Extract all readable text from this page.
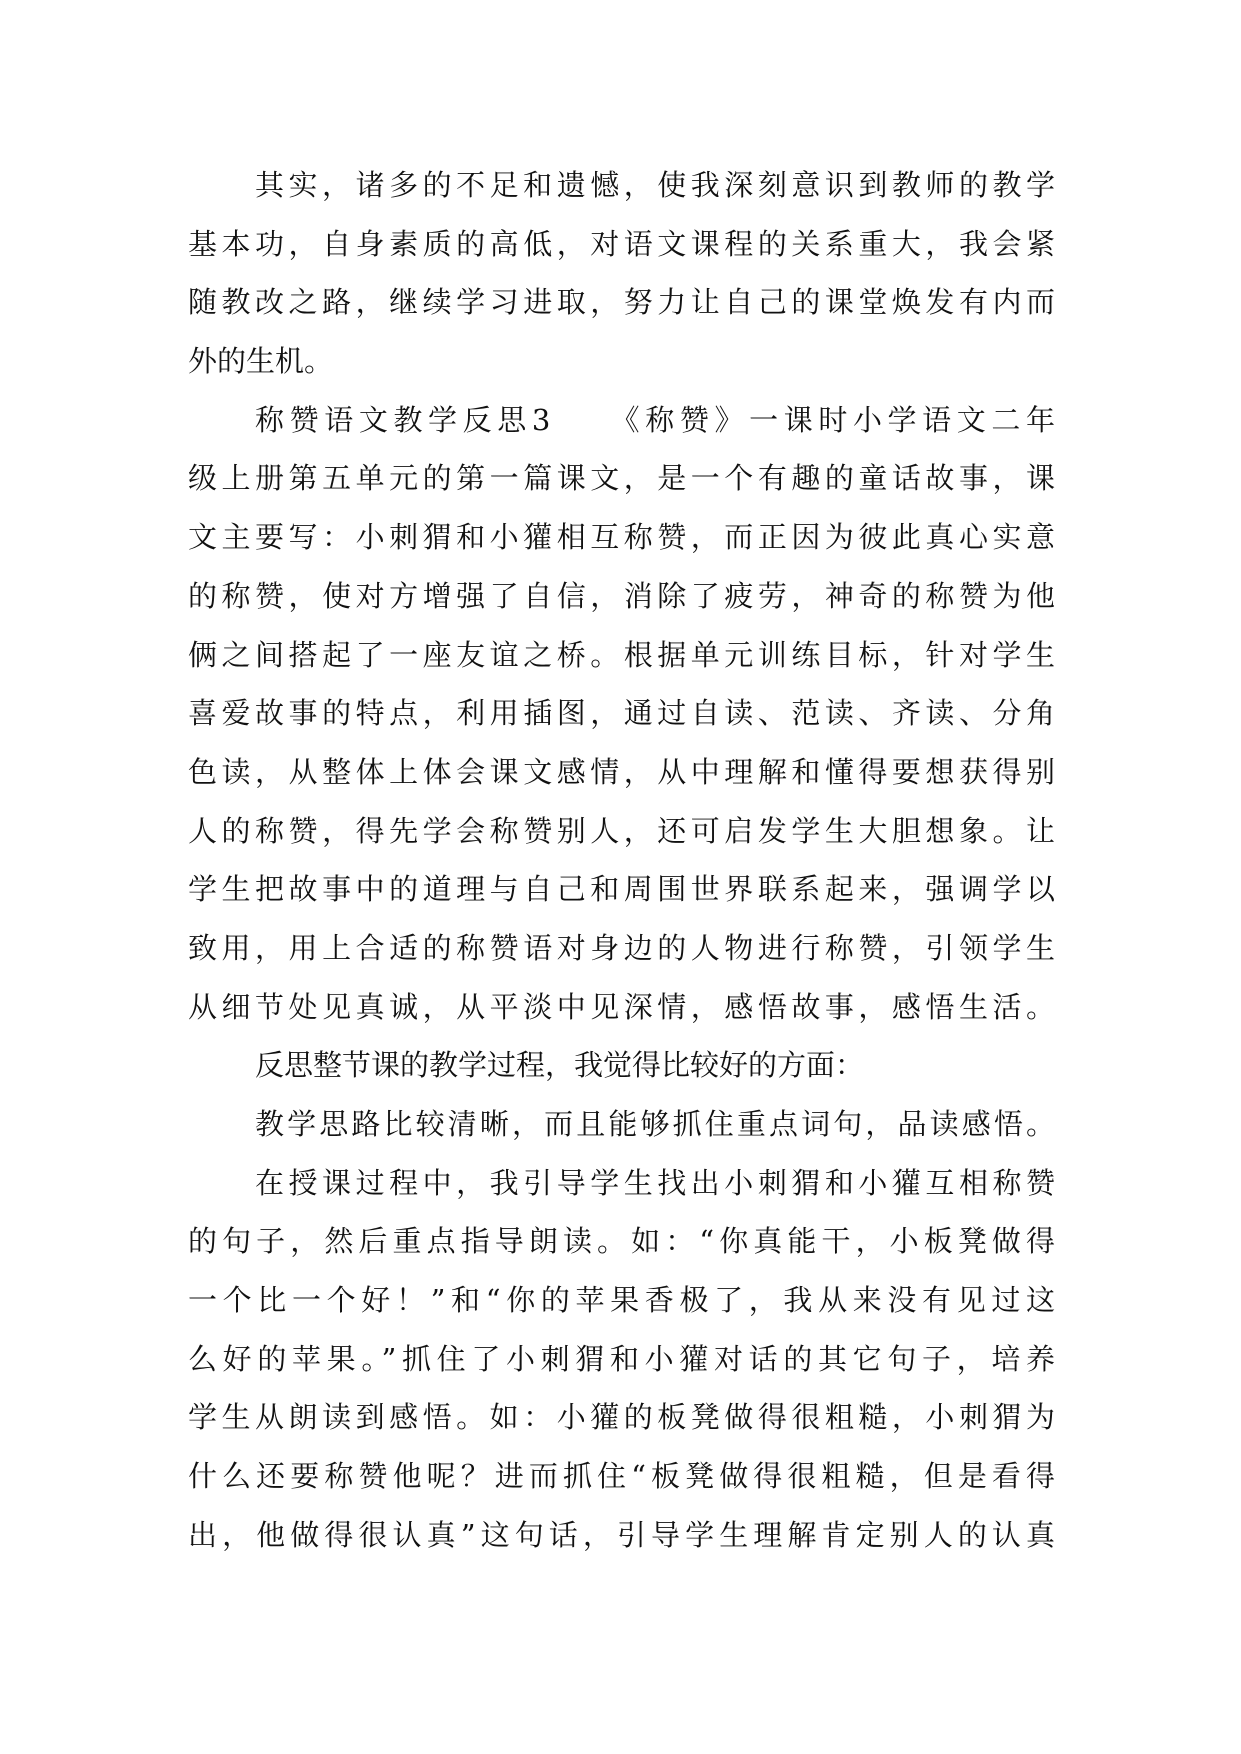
其实，诸多的不足和遗憾，使我深刻意识到教师的教学
基本功，自身素质的高低，对语文课程的关系重大，我会紧
随教改之路，继续学习进取，努力让自己的课堂焕发有内而
外的生机。
称赞语文教学反思3　　《称赞》一课时小学语文二年
级上册第五单元的第一篇课文，是一个有趣的童话故事，课
文主要写：小刺猬和小獾相互称赞，而正因为彼此真心实意
的称赞，使对方增强了自信，消除了疲劳，神奇的称赞为他
俩之间搭起了一座友谊之桥。根据单元训练目标，针对学生
喜爱故事的特点，利用插图，通过自读、范读、齐读、分角
色读，从整体上体会课文感情，从中理解和懂得要想获得别
人的称赞，得先学会称赞别人，还可启发学生大胆想象。让
学生把故事中的道理与自己和周围世界联系起来，强调学以
致用，用上合适的称赞语对身边的人物进行称赞，引领学生
从细节处见真诚，从平淡中见深情，感悟故事，感悟生活。
反思整节课的教学过程，我觉得比较好的方面：
教学思路比较清晰，而且能够抓住重点词句，品读感悟。
在授课过程中，我引导学生找出小刺猬和小獾互相称赞
的句子，然后重点指导朗读。如：“你真能干，小板凳做得
一个比一个好！”和“你的苹果香极了，我从来没有见过这
么好的苹果。”抓住了小刺猬和小獾对话的其它句子，培养
学生从朗读到感悟。如：小獾的板凳做得很粗糙，小刺猬为
什么还要称赞他呢？进而抓住“板凳做得很粗糙，但是看得
出，他做得很认真”这句话，引导学生理解肯定别人的认真
